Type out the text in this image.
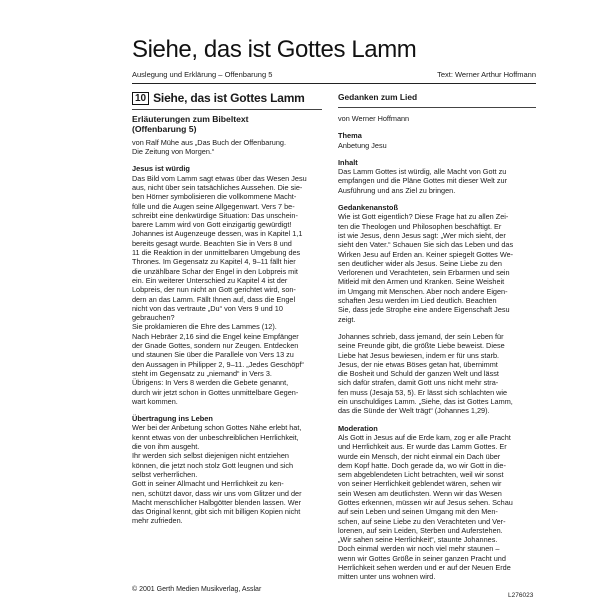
Siehe, das ist Gottes Lamm
Auslegung und Erklärung – Offenbarung 5	Text: Werner Arthur Hoffmann
10 Siehe, das ist Gottes Lamm
Erläuterungen zum Bibeltext
(Offenbarung 5)

von Ralf Mühe aus „Das Buch der Offenbarung.

Die Zeitung von Morgen.“

Jesus ist würdig

Das Bild vom Lamm sagt etwas über das Wesen Jesu

aus, nicht über sein tatsächliches Aussehen. Die sie-

ben Hörner symbolisieren die vollkommene Macht-

fülle und die Augen seine Allgegenwart. Vers 7 be-

schreibt eine denkwürdige Situation: Das unschein-

barere Lamm wird von Gott einzigartig gewürdigt!

Johannes ist Augenzeuge dessen, was in Kapitel 1,1

bereits gesagt wurde. Beachten Sie in Vers 8 und

11 die Reaktion in der unmittelbaren Umgebung des

Thrones. Im Gegensatz zu Kapitel 4, 9–11 fällt hier

die unzählbare Schar der Engel in den Lobpreis mit

ein. Ein weiterer Unterschied zu Kapitel 4 ist der

Lobpreis, der nun nicht an Gott gerichtet wird, son-

dern an das Lamm. Fällt Ihnen auf, dass die Engel

nicht von das vertraute „Du“ von Vers 9 und 10 gebrauchen?

Sie proklamieren die Ehre des Lammes (12).

Nach Hebräer 2,16 sind die Engel keine Empfänger

der Gnade Gottes, sondern nur Zeugen. Entdecken

und staunen Sie über die Parallele von Vers 13 zu

den Aussagen in Philipper 2, 9–11. „Jedes Geschöpf“

steht im Gegensatz zu „niemand“ in Vers 3.

Übrigens: In Vers 8 werden die Gebete genannt,

durch wir jetzt schon in Gottes unmittelbare Gegen-

wart kommen.

Übertragung ins Leben

Wer bei der Anbetung schon Gottes Nähe erlebt hat,

kennt etwas von der unbeschreiblichen Herrlichkeit,

die von ihm ausgeht.

Ihr werden sich selbst diejenigen nicht entziehen

können, die jetzt noch stolz Gott leugnen und sich

selbst verherrlichen.

Gott in seiner Allmacht und Herrlichkeit zu ken-

nen, schützt davor, dass wir uns vom Glitzer und der

Macht menschlicher Halbgötter blenden lassen. Wer

das Original kennt, gibt sich mit billigen Kopien nicht

mehr zufrieden.

Gedanken zum Lied

von Werner Hoffmann

Thema

Anbetung Jesu

Inhalt

Das Lamm Gottes ist würdig, alle Macht von Gott zu

empfangen und die Pläne Gottes mit dieser Welt zur

Ausführung und ans Ziel zu bringen.

Gedankenanstoß

Wie ist Gott eigentlich? Diese Frage hat zu allen Zei-

ten die Theologen und Philosophen beschäftigt. Er

ist wie Jesus, denn Jesus sagt: „Wer mich sieht, der

sieht den Vater.“ Schauen Sie sich das Leben und das

Wirken Jesu auf Erden an. Keiner spiegelt Gottes We-

sen deutlicher wider als Jesus. Seine Liebe zu den

Verlorenen und Verachteten, sein Erbarmen und sein

Mitleid mit den Armen und Kranken. Seine Weisheit

im Umgang mit Menschen. Aber noch andere Eigen-

schaften Jesu werden im Lied deutlich. Beachten

Sie, dass jede Strophe eine andere Eigenschaft Jesu

zeigt.

Johannes schrieb, dass jemand, der sein Leben für

seine Freunde gibt, die größte Liebe beweist. Diese

Liebe hat Jesus bewiesen, indem er für uns starb.

Jesus, der nie etwas Böses getan hat, übernimmt

die Bosheit und Schuld der ganzen Welt und lässt

sich dafür strafen, damit Gott uns nicht mehr stra-

fen muss (Jesaja 53, 5). Er lässt sich schlachten wie

ein unschuldiges Lamm. „Siehe, das ist Gottes Lamm,

das die Sünde der Welt trägt“ (Johannes 1,29).

Moderation

Als Gott in Jesus auf die Erde kam, zog er alle Pracht

und Herrlichkeit aus. Er wurde das Lamm Gottes. Er

wurde ein Mensch, der nicht einmal ein Dach über

dem Kopf hatte. Doch gerade da, wo wir Gott in die-

sem abgeblendeten Licht betrachten, weil wir sonst

von seiner Herrlichkeit geblendet wären, sehen wir

sein Wesen am deutlichsten. Wenn wir das Wesen

Gottes erkennen, müssen wir auf Jesus sehen. Schau

auf sein Leben und seinen Umgang mit den Men-

schen, auf seine Liebe zu den Verachteten und Ver-

lorenen, auf sein Leiden, Sterben und Auferstehen.

„Wir sahen seine Herrlichkeit“, staunte Johannes.

Doch einmal werden wir noch viel mehr staunen –

wenn wir Gottes Größe in seiner ganzen Pracht und

Herrlichkeit sehen werden und er auf der Neuen Erde

mitten unter uns wohnen wird.

© 2001 Gerth Medien Musikverlag, Asslar
L276023
